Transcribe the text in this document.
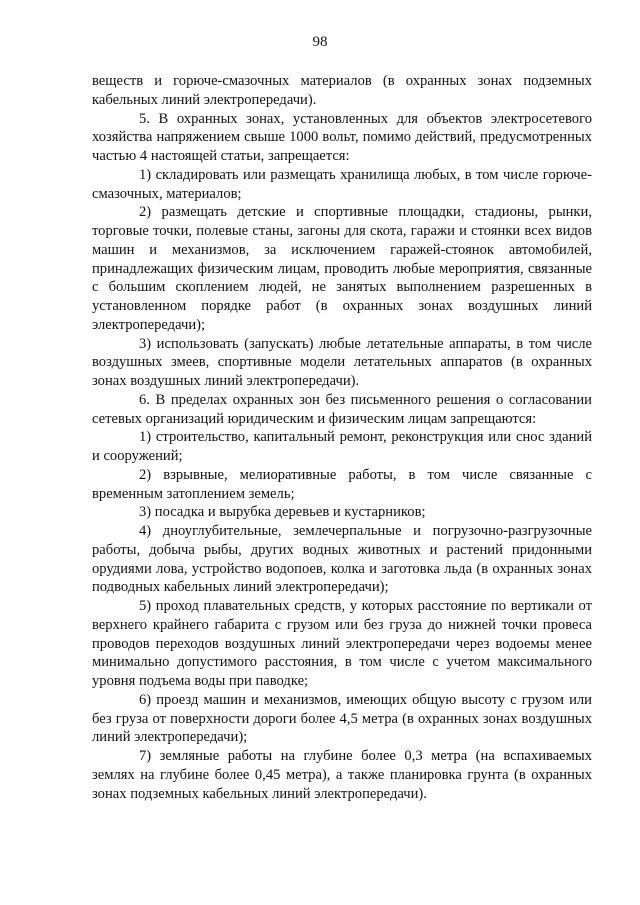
98

веществ и горюче-смазочных материалов (в охранных зонах подземных кабельных линий электропередачи).

5. В охранных зонах, установленных для объектов электросетевого хозяйства напряжением свыше 1000 вольт, помимо действий, предусмотренных частью 4 настоящей статьи, запрещается:

1) складировать или размещать хранилища любых, в том числе горюче-смазочных, материалов;

2) размещать детские и спортивные площадки, стадионы, рынки, торговые точки, полевые станы, загоны для скота, гаражи и стоянки всех видов машин и механизмов, за исключением гаражей-стоянок автомобилей, принадлежащих физическим лицам, проводить любые мероприятия, связанные с большим скоплением людей, не занятых выполнением разрешенных в установленном порядке работ (в охранных зонах воздушных линий электропередачи);

3) использовать (запускать) любые летательные аппараты, в том числе воздушных змеев, спортивные модели летательных аппаратов (в охранных зонах воздушных линий электропередачи).

6. В пределах охранных зон без письменного решения о согласовании сетевых организаций юридическим и физическим лицам запрещаются:

1) строительство, капитальный ремонт, реконструкция или снос зданий и сооружений;

2) взрывные, мелиоративные работы, в том числе связанные с временным затоплением земель;

3) посадка и вырубка деревьев и кустарников;

4) дноуглубительные, землечерпальные и погрузочно-разгрузочные работы, добыча рыбы, других водных животных и растений придонными орудиями лова, устройство водопоев, колка и заготовка льда (в охранных зонах подводных кабельных линий электропередачи);

5) проход плавательных средств, у которых расстояние по вертикали от верхнего крайнего габарита с грузом или без груза до нижней точки провеса проводов переходов воздушных линий электропередачи через водоемы менее минимально допустимого расстояния, в том числе с учетом максимального уровня подъема воды при паводке;

6) проезд машин и механизмов, имеющих общую высоту с грузом или без груза от поверхности дороги более 4,5 метра (в охранных зонах воздушных линий электропередачи);

7) земляные работы на глубине более 0,3 метра (на вспахиваемых землях на глубине более 0,45 метра), а также планировка грунта (в охранных зонах подземных кабельных линий электропередачи).
